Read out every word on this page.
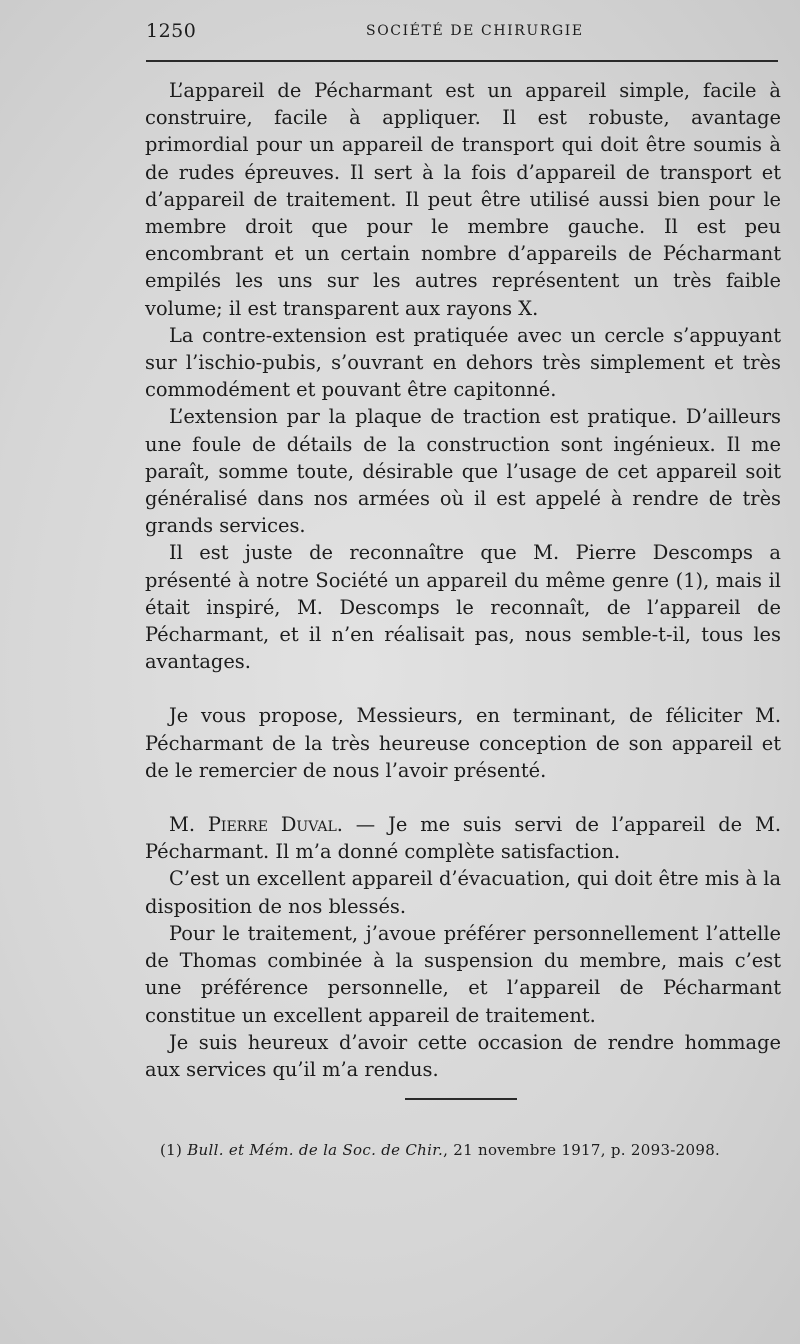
1250	SOCIÉTÉ DE CHIRURGIE

L’appareil de Pécharmant est un appareil simple, facile à construire, facile à appliquer. Il est robuste, avantage primordial pour un appareil de transport qui doit être soumis à de rudes épreuves. Il sert à la fois d’appareil de transport et d’appareil de traitement. Il peut être utilisé aussi bien pour le membre droit que pour le membre gauche. Il est peu encombrant et un certain nombre d’appareils de Pécharmant empilés les uns sur les autres représentent un très faible volume; il est transparent aux rayons X.

La contre-extension est pratiquée avec un cercle s’appuyant sur l’ischio-pubis, s’ouvrant en dehors très simplement et très commodément et pouvant être capitonné.

L’extension par la plaque de traction est pratique. D’ailleurs une foule de détails de la construction sont ingénieux. Il me paraît, somme toute, désirable que l’usage de cet appareil soit généralisé dans nos armées où il est appelé à rendre de très grands services.

Il est juste de reconnaître que M. Pierre Descomps a présenté à notre Société un appareil du même genre (1), mais il était inspiré, M. Descomps le reconnaît, de l’appareil de Pécharmant, et il n’en réalisait pas, nous semble-t-il, tous les avantages.

Je vous propose, Messieurs, en terminant, de féliciter M. Pécharmant de la très heureuse conception de son appareil et de le remercier de nous l’avoir présenté.

M. Pierre Duval. — Je me suis servi de l’appareil de M. Pécharmant. Il m’a donné complète satisfaction.

C’est un excellent appareil d’évacuation, qui doit être mis à la disposition de nos blessés.

Pour le traitement, j’avoue préférer personnellement l’attelle de Thomas combinée à la suspension du membre, mais c’est une préférence personnelle, et l’appareil de Pécharmant constitue un excellent appareil de traitement.

Je suis heureux d’avoir cette occasion de rendre hommage aux services qu’il m’a rendus.

(1) Bull. et Mém. de la Soc. de Chir., 21 novembre 1917, p. 2093-2098.
